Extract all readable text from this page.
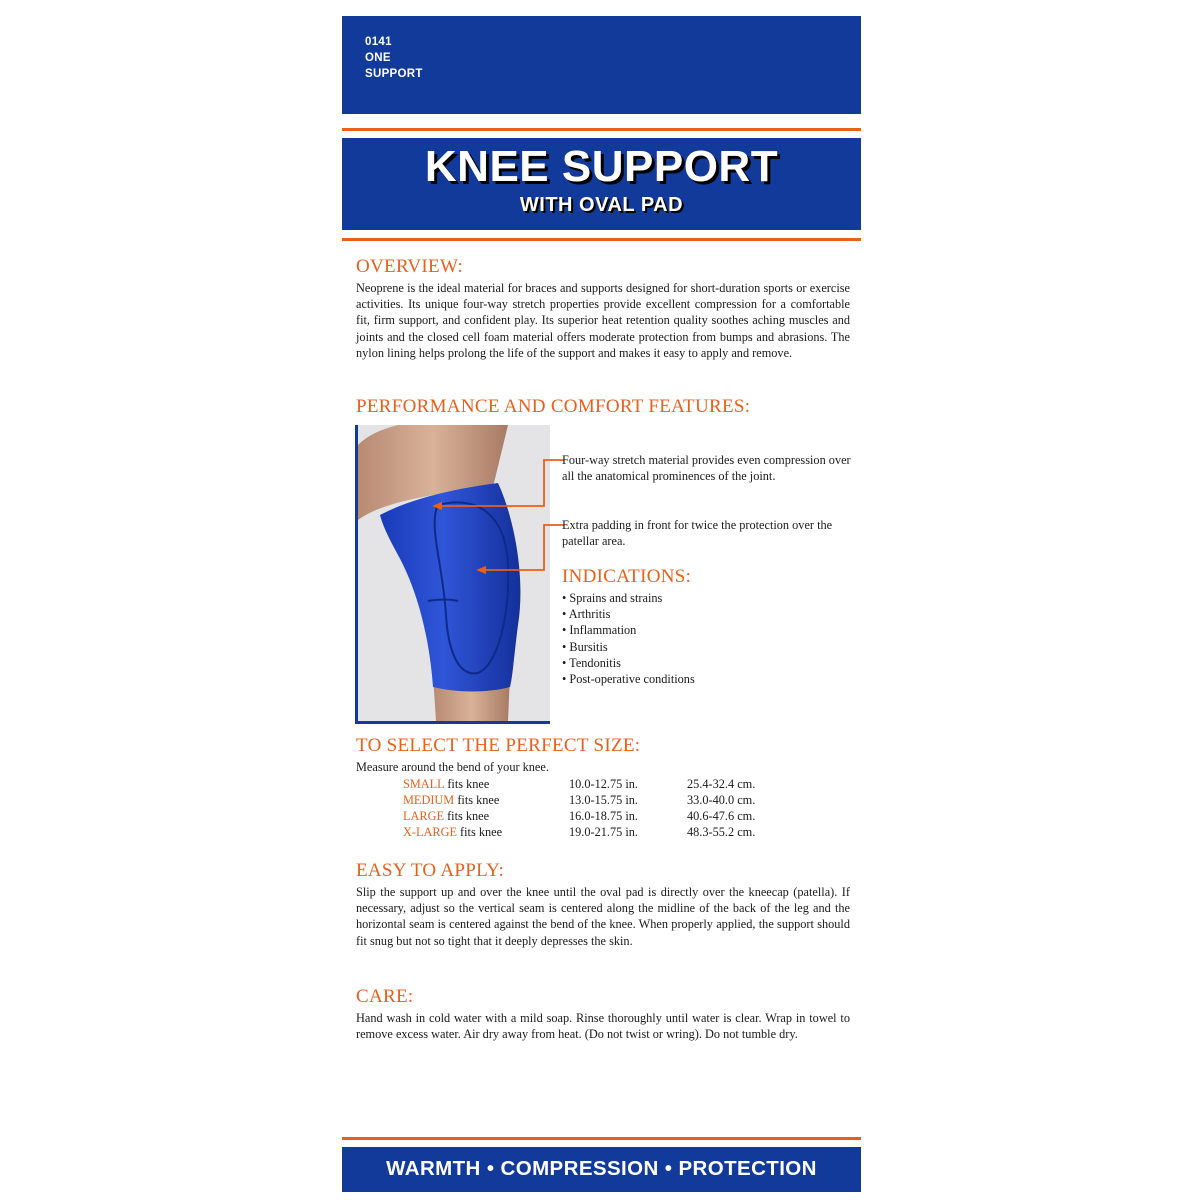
0141
ONE
SUPPORT
KNEE SUPPORT
WITH OVAL PAD
OVERVIEW:
Neoprene is the ideal material for braces and supports designed for short-duration sports or exercise activities. Its unique four-way stretch properties provide excellent compression for a comfortable fit, firm support, and confident play. Its superior heat retention quality soothes aching muscles and joints and the closed cell foam material offers moderate protection from bumps and abrasions. The nylon lining helps prolong the life of the support and makes it easy to apply and remove.
PERFORMANCE AND COMFORT FEATURES:
Four-way stretch material provides even compression over all the anatomical prominences of the joint.
Extra padding in front for twice the protection over the patellar area.
INDICATIONS:
• Sprains and strains
• Arthritis
• Inflammation
• Bursitis
• Tendonitis
• Post-operative conditions
TO SELECT THE PERFECT SIZE:
Measure around the bend of your knee.
SMALL fits knee	10.0-12.75 in.	25.4-32.4 cm.
MEDIUM fits knee	13.0-15.75 in.	33.0-40.0 cm.
LARGE fits knee	16.0-18.75 in.	40.6-47.6 cm.
X-LARGE fits knee	19.0-21.75 in.	48.3-55.2 cm.
EASY TO APPLY:
Slip the support up and over the knee until the oval pad is directly over the kneecap (patella). If necessary, adjust so the vertical seam is centered along the midline of the back of the leg and the horizontal seam is centered against the bend of the knee. When properly applied, the support should fit snug but not so tight that it deeply depresses the skin.
CARE:
Hand wash in cold water with a mild soap. Rinse thoroughly until water is clear. Wrap in towel to remove excess water. Air dry away from heat. (Do not twist or wring). Do not tumble dry.
WARMTH • COMPRESSION • PROTECTION
